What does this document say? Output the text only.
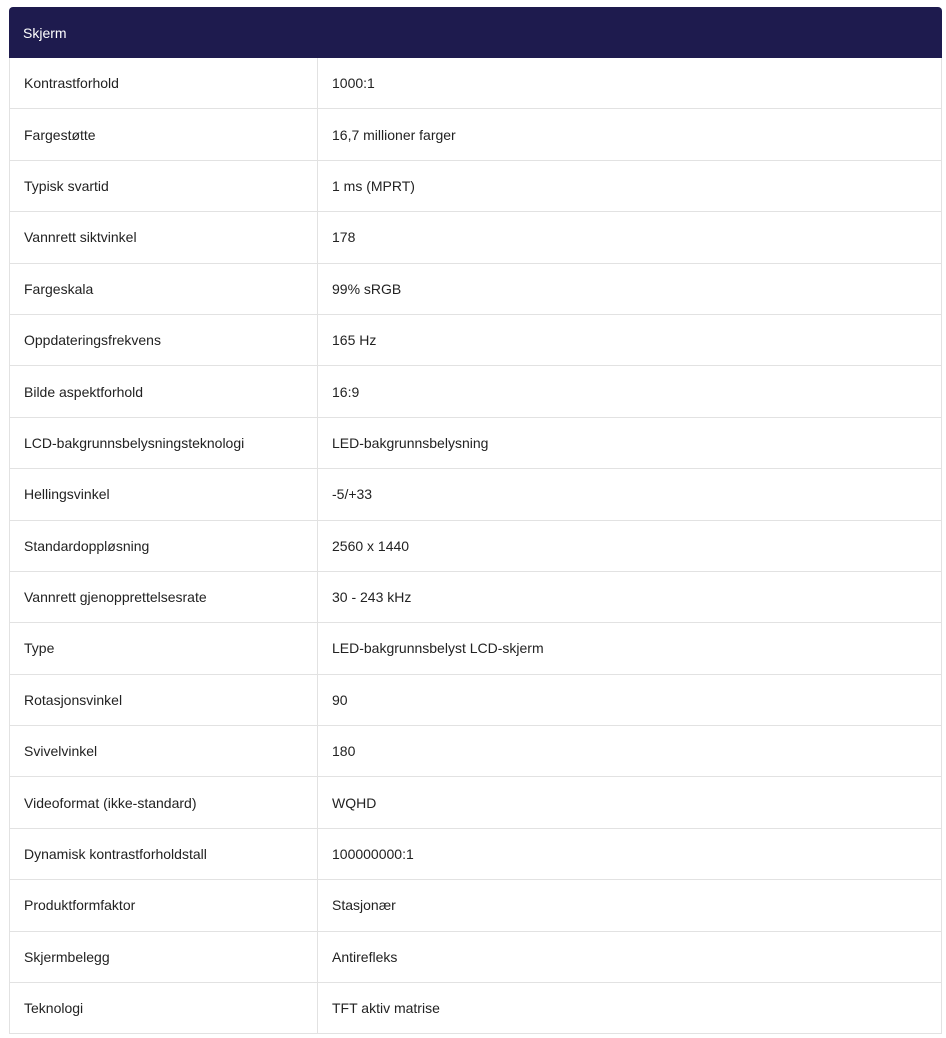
Skjerm
Kontrastforhold	1000:1
Fargestøtte	16,7 millioner farger
Typisk svartid	1 ms (MPRT)
Vannrett siktvinkel	178
Fargeskala	99% sRGB
Oppdateringsfrekvens	165 Hz
Bilde aspektforhold	16:9
LCD-bakgrunnsbelysningsteknologi	LED-bakgrunnsbelysning
Hellingsvinkel	-5/+33
Standardoppløsning	2560 x 1440
Vannrett gjenopprettelsesrate	30 - 243 kHz
Type	LED-bakgrunnsbelyst LCD-skjerm
Rotasjonsvinkel	90
Svivelvinkel	180
Videoformat (ikke-standard)	WQHD
Dynamisk kontrastforholdstall	100000000:1
Produktformfaktor	Stasjonær
Skjermbelegg	Antirefleks
Teknologi	TFT aktiv matrise
